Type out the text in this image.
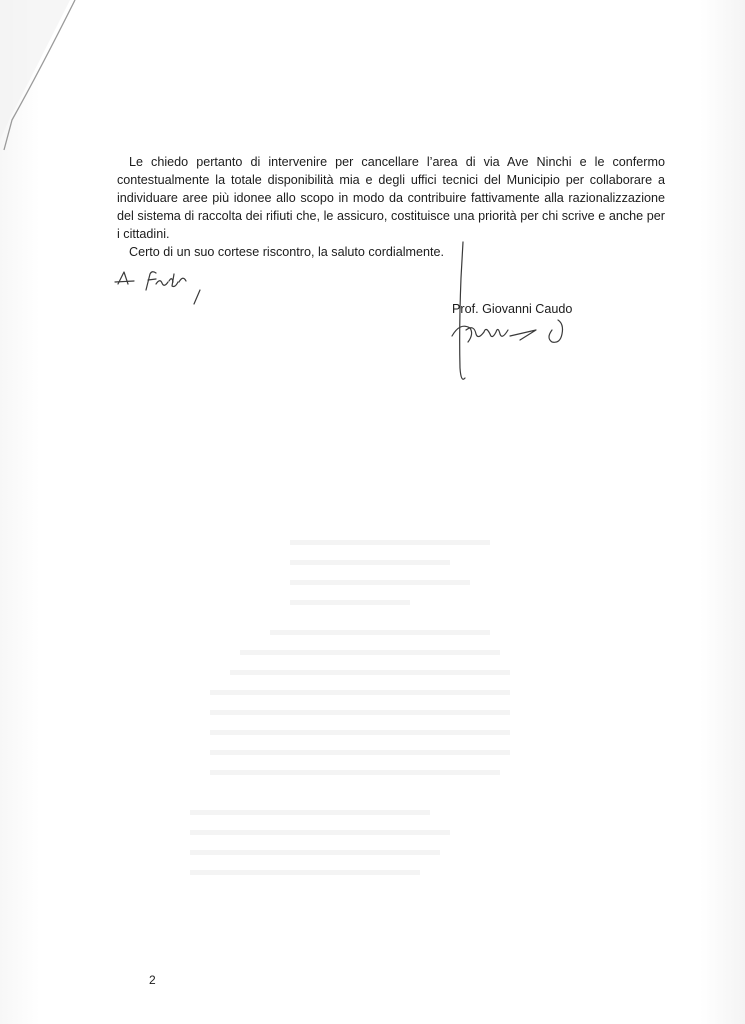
Le chiedo pertanto di intervenire per cancellare l’area di via Ave Ninchi e le confermo contestualmente la totale disponibilità mia e degli uffici tecnici del Municipio per collaborare a individuare aree più idonee allo scopo in modo da contribuire fattivamente alla razionalizzazione del sistema di raccolta dei rifiuti che, le assicuro, costituisce una priorità per chi scrive e anche per i cittadini.

Certo di un suo cortese riscontro, la saluto cordialmente.

Prof. Giovanni Caudo
2
